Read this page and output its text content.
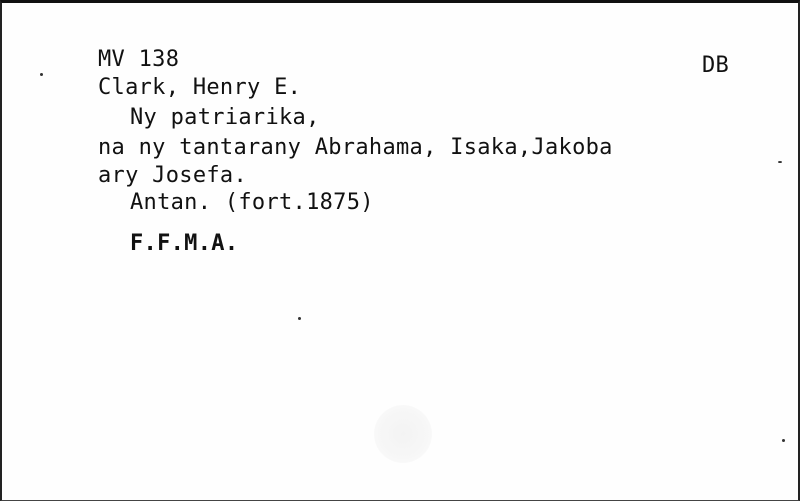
MV 138	DB
Clark, Henry E.
Ny patriarika,
na ny tantarany Abrahama, Isaka,Jakoba
ary Josefa.
Antan. (fort.1875)
F.F.M.A.
